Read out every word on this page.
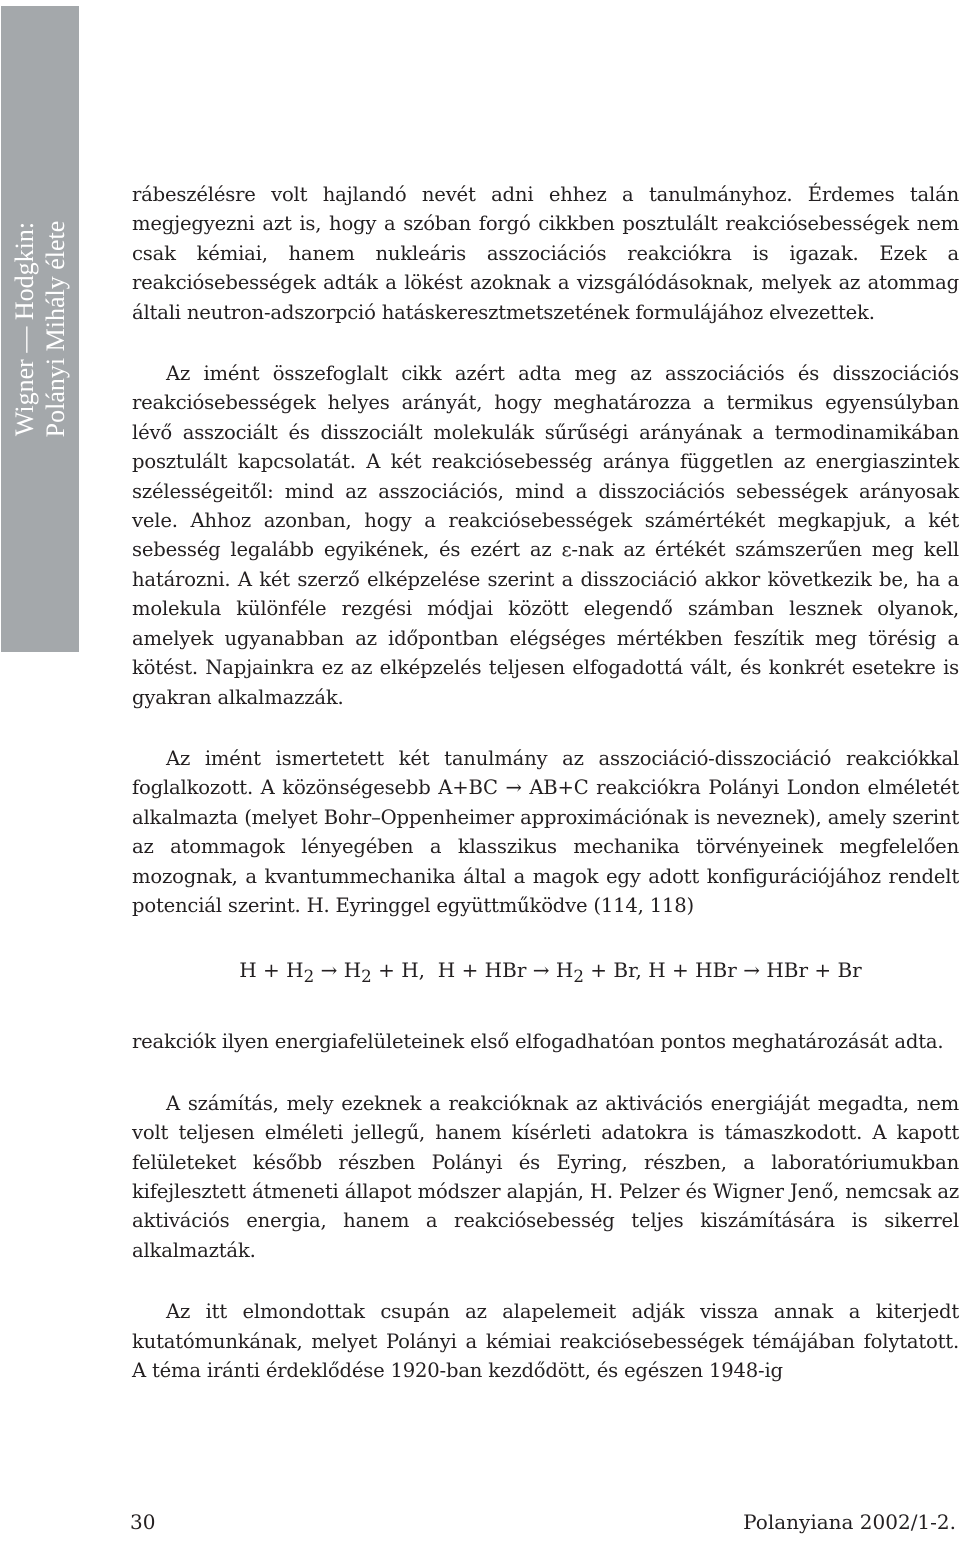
Wigner — Hodgkin: Polányi Mihály élete

rábeszélésre volt hajlandó nevét adni ehhez a tanulmányhoz. Érdemes talán megjegyezni azt is, hogy a szóban forgó cikkben posztulált reakciósebességek nem csak kémiai, hanem nukleáris asszociációs reakciókra is igazak. Ezek a reakciósebességek adták a lökést azoknak a vizsgálódásoknak, melyek az atommag általi neutron-adszorpció hatáskeresztmetszetének formulájához elvezettek.

Az imént összefoglalt cikk azért adta meg az asszociációs és disszociációs reakciósebességek helyes arányát, hogy meghatározza a termikus egyensúlyban lévő asszociált és disszociált molekulák sűrűségi arányának a termodinamikában posztulált kapcsolatát. A két reakciósebesség aránya független az energiaszintek szélességeitől: mind az asszociációs, mind a disszociációs sebességek arányosak vele. Ahhoz azonban, hogy a reakciósebességek számértékét megkapjuk, a két sebesség legalább egyikének, és ezért az ε-nak az értékét számszerűen meg kell határozni. A két szerző elképzelése szerint a disszociáció akkor következik be, ha a molekula különféle rezgési módjai között elegendő számban lesznek olyanok, amelyek ugyanabban az időpontban elégséges mértékben feszítik meg törésig a kötést. Napjainkra ez az elképzelés teljesen elfogadottá vált, és konkrét esetekre is gyakran alkalmazzák.

Az imént ismertetett két tanulmány az asszociáció-disszociáció reakciókkal foglalkozott. A közönségesebb A+BC → AB+C reakciókra Polányi London elméletét alkalmazta (melyet Bohr–Oppenheimer approximációnak is neveznek), amely szerint az atommagok lényegében a klasszikus mechanika törvényeinek megfelelően mozognak, a kvantummechanika által a magok egy adott konfigurációjához rendelt potenciál szerint. H. Eyringgel együttműködve (114, 118)

$H + H_2 \to H_2 + H$, H + HBr → $H_2 + Br$, H + HBr → HBr + Br

reakciók ilyen energiafelületeinek első elfogadhatóan pontos meghatározását adta.

A számítás, mely ezeknek a reakcióknak az aktivációs energiáját megadta, nem volt teljesen elméleti jellegű, hanem kísérleti adatokra is támaszkodott. A kapott felületeket később részben Polányi és Eyring, részben, a laboratóriumukban kifejlesztett átmeneti állapot módszer alapján, H. Pelzer és Wigner Jenő, nemcsak az aktivációs energia, hanem a reakciósebesség teljes kiszámítására is sikerrel alkalmazták.

Az itt elmondottak csupán az alapelemeit adják vissza annak a kiterjedt kutatómunkának, melyet Polányi a kémiai reakciósebességek témájában folytatott. A téma iránti érdeklődése 1920-ban kezdődött, és egészen 1948-ig

30	Polanyiana 2002/1-2.
